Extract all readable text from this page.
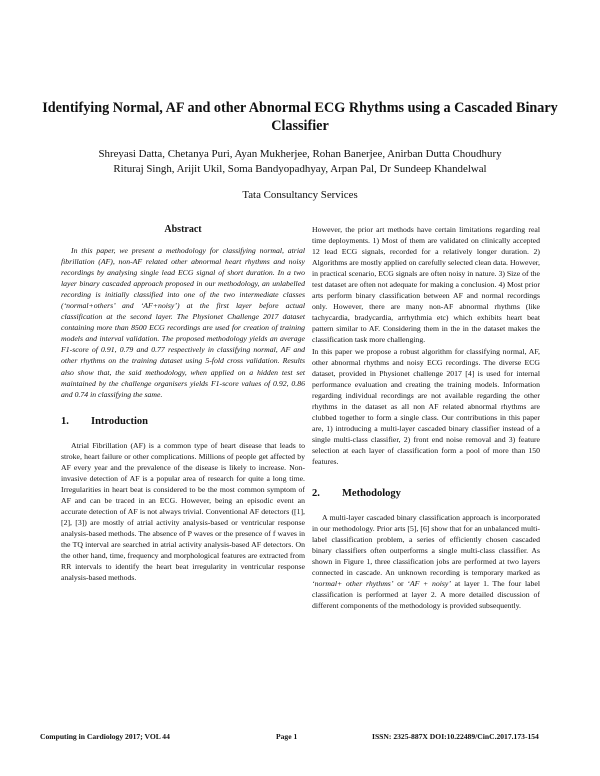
Identifying Normal, AF and other Abnormal ECG Rhythms using a Cascaded Binary Classifier
Shreyasi Datta, Chetanya Puri, Ayan Mukherjee, Rohan Banerjee, Anirban Dutta Choudhury
Rituraj Singh, Arijit Ukil, Soma Bandyopadhyay, Arpan Pal, Dr Sundeep Khandelwal
Tata Consultancy Services
Abstract

In this paper, we present a methodology for classifying normal, atrial fibrillation (AF), non-AF related other abnormal heart rhythms and noisy recordings by analysing single lead ECG signal of short duration. In a two layer binary cascaded approach proposed in our methodology, an unlabelled recording is initially classified into one of the two intermediate classes (‘normal+others’ and ‘AF+noisy’) at the first layer before actual classification at the second layer. The Physionet Challenge 2017 dataset containing more than 8500 ECG recordings are used for creation of training models and interval validation. The proposed methodology yields an average F1-score of 0.91, 0.79 and 0.77 respectively in classifying normal, AF and other rhythms on the training dataset using 5-fold cross validation. Results also show that, the said methodology, when applied on a hidden test set maintained by the challenge organisers yields F1-score values of 0.92, 0.86 and 0.74 in classifying the same.

1.	Introduction

Atrial Fibrillation (AF) is a common type of heart disease that leads to stroke, heart failure or other complications. Millions of people get affected by AF every year and the prevalence of the disease is likely to increase. Non-invasive detection of AF is a popular area of research for quite a long time. Irregularities in heart beat is considered to be the most common symptom of AF and can be traced in an ECG. However, being an episodic event an accurate detection of AF is not always trivial. Conventional AF detectors ([1], [2], [3]) are mostly of atrial activity analysis-based or ventricular response analysis-based methods. The absence of P waves or the presence of f waves in the TQ interval are searched in atrial activity analysis-based AF detectors. On the other hand, time, frequency and morphological features are extracted from RR intervals to identify the heart beat irregularity in ventricular response analysis-based methods.

However, the prior art methods have certain limitations regarding real time deployments. 1) Most of them are validated on clinically accepted 12 lead ECG signals, recorded for a relatively longer duration. 2) Algorithms are mostly applied on carefully selected clean data. However, in practical scenario, ECG signals are often noisy in nature. 3) Size of the test dataset are often not adequate for making a conclusion. 4) Most prior arts perform binary classification between AF and normal recordings only. However, there are many non-AF abnormal rhythms (like tachycardia, bradycardia, arrhythmia etc) which exhibits heart beat pattern similar to AF. Considering them in the in the dataset makes the classification task more challenging.

In this paper we propose a robust algorithm for classifying normal, AF, other abnormal rhythms and noisy ECG recordings. The diverse ECG dataset, provided in Physionet challenge 2017 [4] is used for internal performance evaluation and creating the training models. Information regarding individual recordings are not available regarding the other rhythms in the dataset as all non AF related abnormal rhythms are clubbed together to form a single class. Our contributions in this paper are, 1) introducing a multi-layer cascaded binary classifier instead of a single multi-class classifier, 2) front end noise removal and 3) feature selection at each layer of classification form a pool of more than 150 features.

2.	Methodology

A multi-layer cascaded binary classification approach is incorporated in our methodology. Prior arts [5], [6] show that for an unbalanced multi-label classification problem, a series of efficiently chosen cascaded binary classifiers often outperforms a single multi-class classifier. As shown in Figure 1, three classification jobs are performed at two layers connected in cascade. An unknown recording is temporary marked as ‘normal+ other rhythms’ or ‘AF + noisy’ at layer 1. The four label classification is performed at layer 2. A more detailed discussion of different components of the methodology is provided subsequently.

Computing in Cardiology 2017; VOL 44	Page 1	ISSN: 2325-887X DOI:10.22489/CinC.2017.173-154
